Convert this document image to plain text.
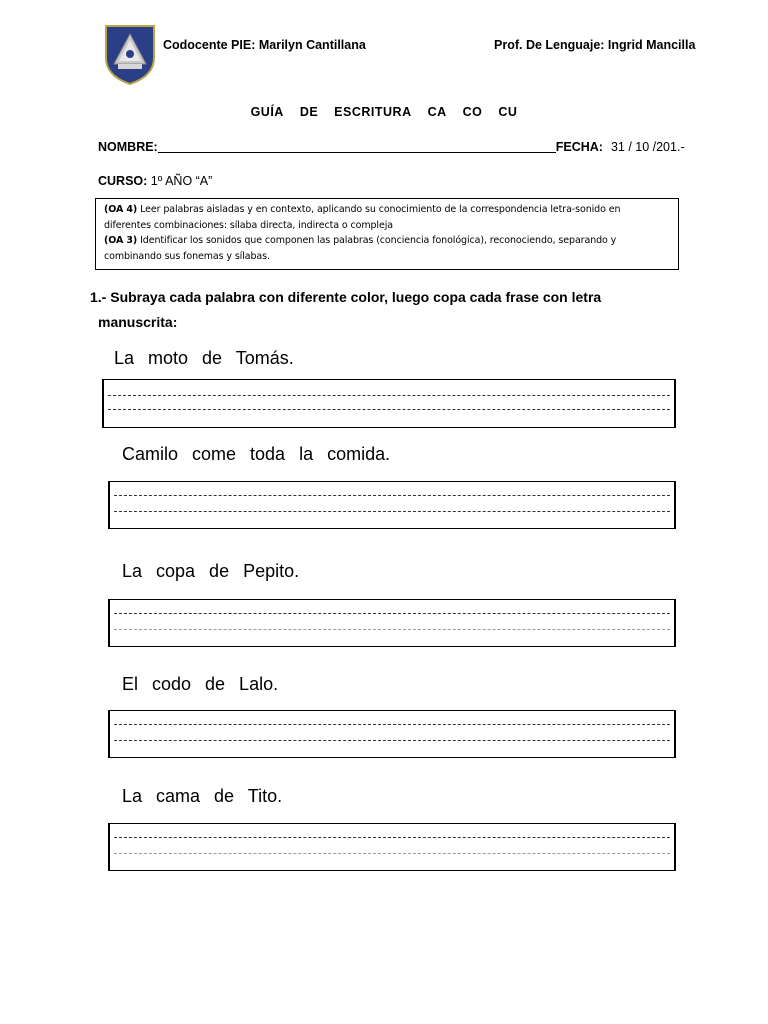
Codocente PIE: Marilyn Cantillana	Prof. De Lenguaje: Ingrid Mancilla
GUÍA DE ESCRITURA CA CO CU
NOMBRE:	FECHA: 31 / 10 /201.-
CURSO: 1º AÑO “A”
(OA 4) Leer palabras aisladas y en contexto, aplicando su conocimiento de la correspondencia letra-sonido en diferentes combinaciones: sílaba directa, indirecta o compleja
(OA 3) Identificar los sonidos que componen las palabras (conciencia fonológica), reconociendo, separando y combinando sus fonemas y sílabas.
1.- Subraya cada palabra con diferente color, luego copa cada frase con letra
manuscrita:
La moto de Tomás.
Camilo come toda la comida.
La copa de Pepito.
El codo de Lalo.
La cama de Tito.
